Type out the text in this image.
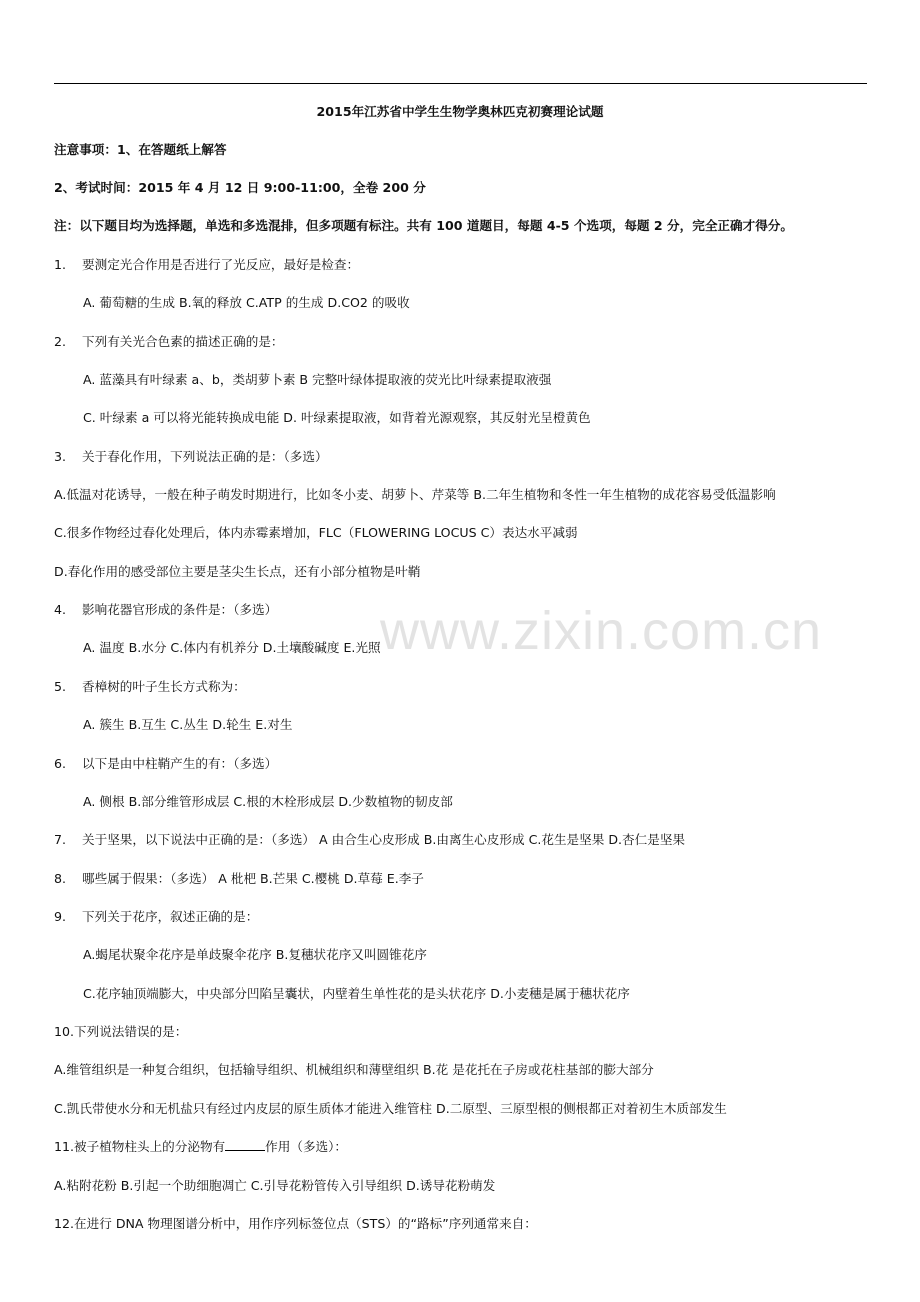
www.zixin.com.cn
2015年江苏省中学生生物学奥林匹克初赛理论试题
注意事项：1、在答题纸上解答
2、考试时间：2015 年 4 月 12 日 9:00-11:00，全卷 200 分
注：以下题目均为选择题，单选和多选混排，但多项题有标注。共有 100 道题目，每题 4-5 个选项，每题 2 分，完全正确才得分。
1. 要测定光合作用是否进行了光反应，最好是检查：
A. 葡萄糖的生成 B.氧的释放 C.ATP 的生成 D.CO2 的吸收
2. 下列有关光合色素的描述正确的是：
A. 蓝藻具有叶绿素 a、b，类胡萝卜素 B 完整叶绿体提取液的荧光比叶绿素提取液强
C. 叶绿素 a 可以将光能转换成电能 D. 叶绿素提取液，如背着光源观察，其反射光呈橙黄色
3. 关于春化作用，下列说法正确的是：（多选）
A.低温对花诱导，一般在种子萌发时期进行，比如冬小麦、胡萝卜、芹菜等 B.二年生植物和冬性一年生植物的成花容易受低温影响
C.很多作物经过春化处理后，体内赤霉素增加，FLC（FLOWERING LOCUS C）表达水平减弱
D.春化作用的感受部位主要是茎尖生长点，还有小部分植物是叶鞘
4. 影响花器官形成的条件是：（多选）
A. 温度 B.水分 C.体内有机养分 D.土壤酸碱度 E.光照
5. 香樟树的叶子生长方式称为：
A. 簇生 B.互生 C.丛生 D.轮生 E.对生
6. 以下是由中柱鞘产生的有：（多选）
A. 侧根 B.部分维管形成层 C.根的木栓形成层 D.少数植物的韧皮部
7. 关于坚果，以下说法中正确的是：（多选） A 由合生心皮形成 B.由离生心皮形成 C.花生是坚果 D.杏仁是坚果
8. 哪些属于假果：（多选） A 枇杷 B.芒果 C.樱桃 D.草莓 E.李子
9. 下列关于花序，叙述正确的是：
A.蝎尾状聚伞花序是单歧聚伞花序 B.复穗状花序又叫圆锥花序
C.花序轴顶端膨大，中央部分凹陷呈囊状，内壁着生单性花的是头状花序 D.小麦穗是属于穗状花序
10.下列说法错误的是：
A.维管组织是一种复合组织，包括输导组织、机械组织和薄壁组织 B.花 是花托在子房或花柱基部的膨大部分
C.凯氏带使水分和无机盐只有经过内皮层的原生质体才能进入维管柱 D.二原型、三原型根的侧根都正对着初生木质部发生
11.被子植物柱头上的分泌物有	作用（多选）：
A.粘附花粉 B.引起一个助细胞凋亡 C.引导花粉管传入引导组织 D.诱导花粉萌发
12.在进行 DNA 物理图谱分析中，用作序列标签位点（STS）的“路标”序列通常来自：
